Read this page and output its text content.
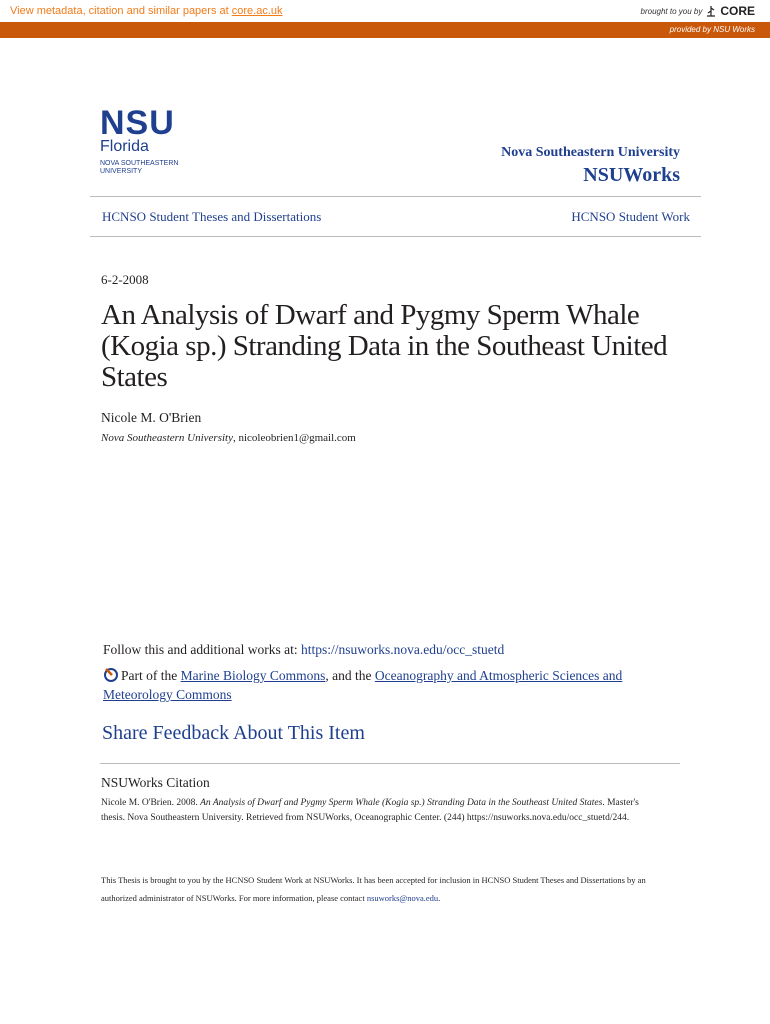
View metadata, citation and similar papers at core.ac.uk	brought to you by CORE
provided by NSU Works
NSU
Florida
NOVA SOUTHEASTERN
UNIVERSITY
Nova Southeastern University
NSUWorks
HCNSO Student Theses and Dissertations	HCNSO Student Work
6-2-2008
An Analysis of Dwarf and Pygmy Sperm Whale (Kogia sp.) Stranding Data in the Southeast United States
Nicole M. O'Brien
Nova Southeastern University, nicoleobrien1@gmail.com
Follow this and additional works at: https://nsuworks.nova.edu/occ_stuetd
Part of the Marine Biology Commons, and the Oceanography and Atmospheric Sciences and Meteorology Commons
Share Feedback About This Item
NSUWorks Citation
Nicole M. O'Brien. 2008. An Analysis of Dwarf and Pygmy Sperm Whale (Kogia sp.) Stranding Data in the Southeast United States. Master's thesis. Nova Southeastern University. Retrieved from NSUWorks, Oceanographic Center. (244) https://nsuworks.nova.edu/occ_stuetd/244.
This Thesis is brought to you by the HCNSO Student Work at NSUWorks. It has been accepted for inclusion in HCNSO Student Theses and Dissertations by an authorized administrator of NSUWorks. For more information, please contact nsuworks@nova.edu.
